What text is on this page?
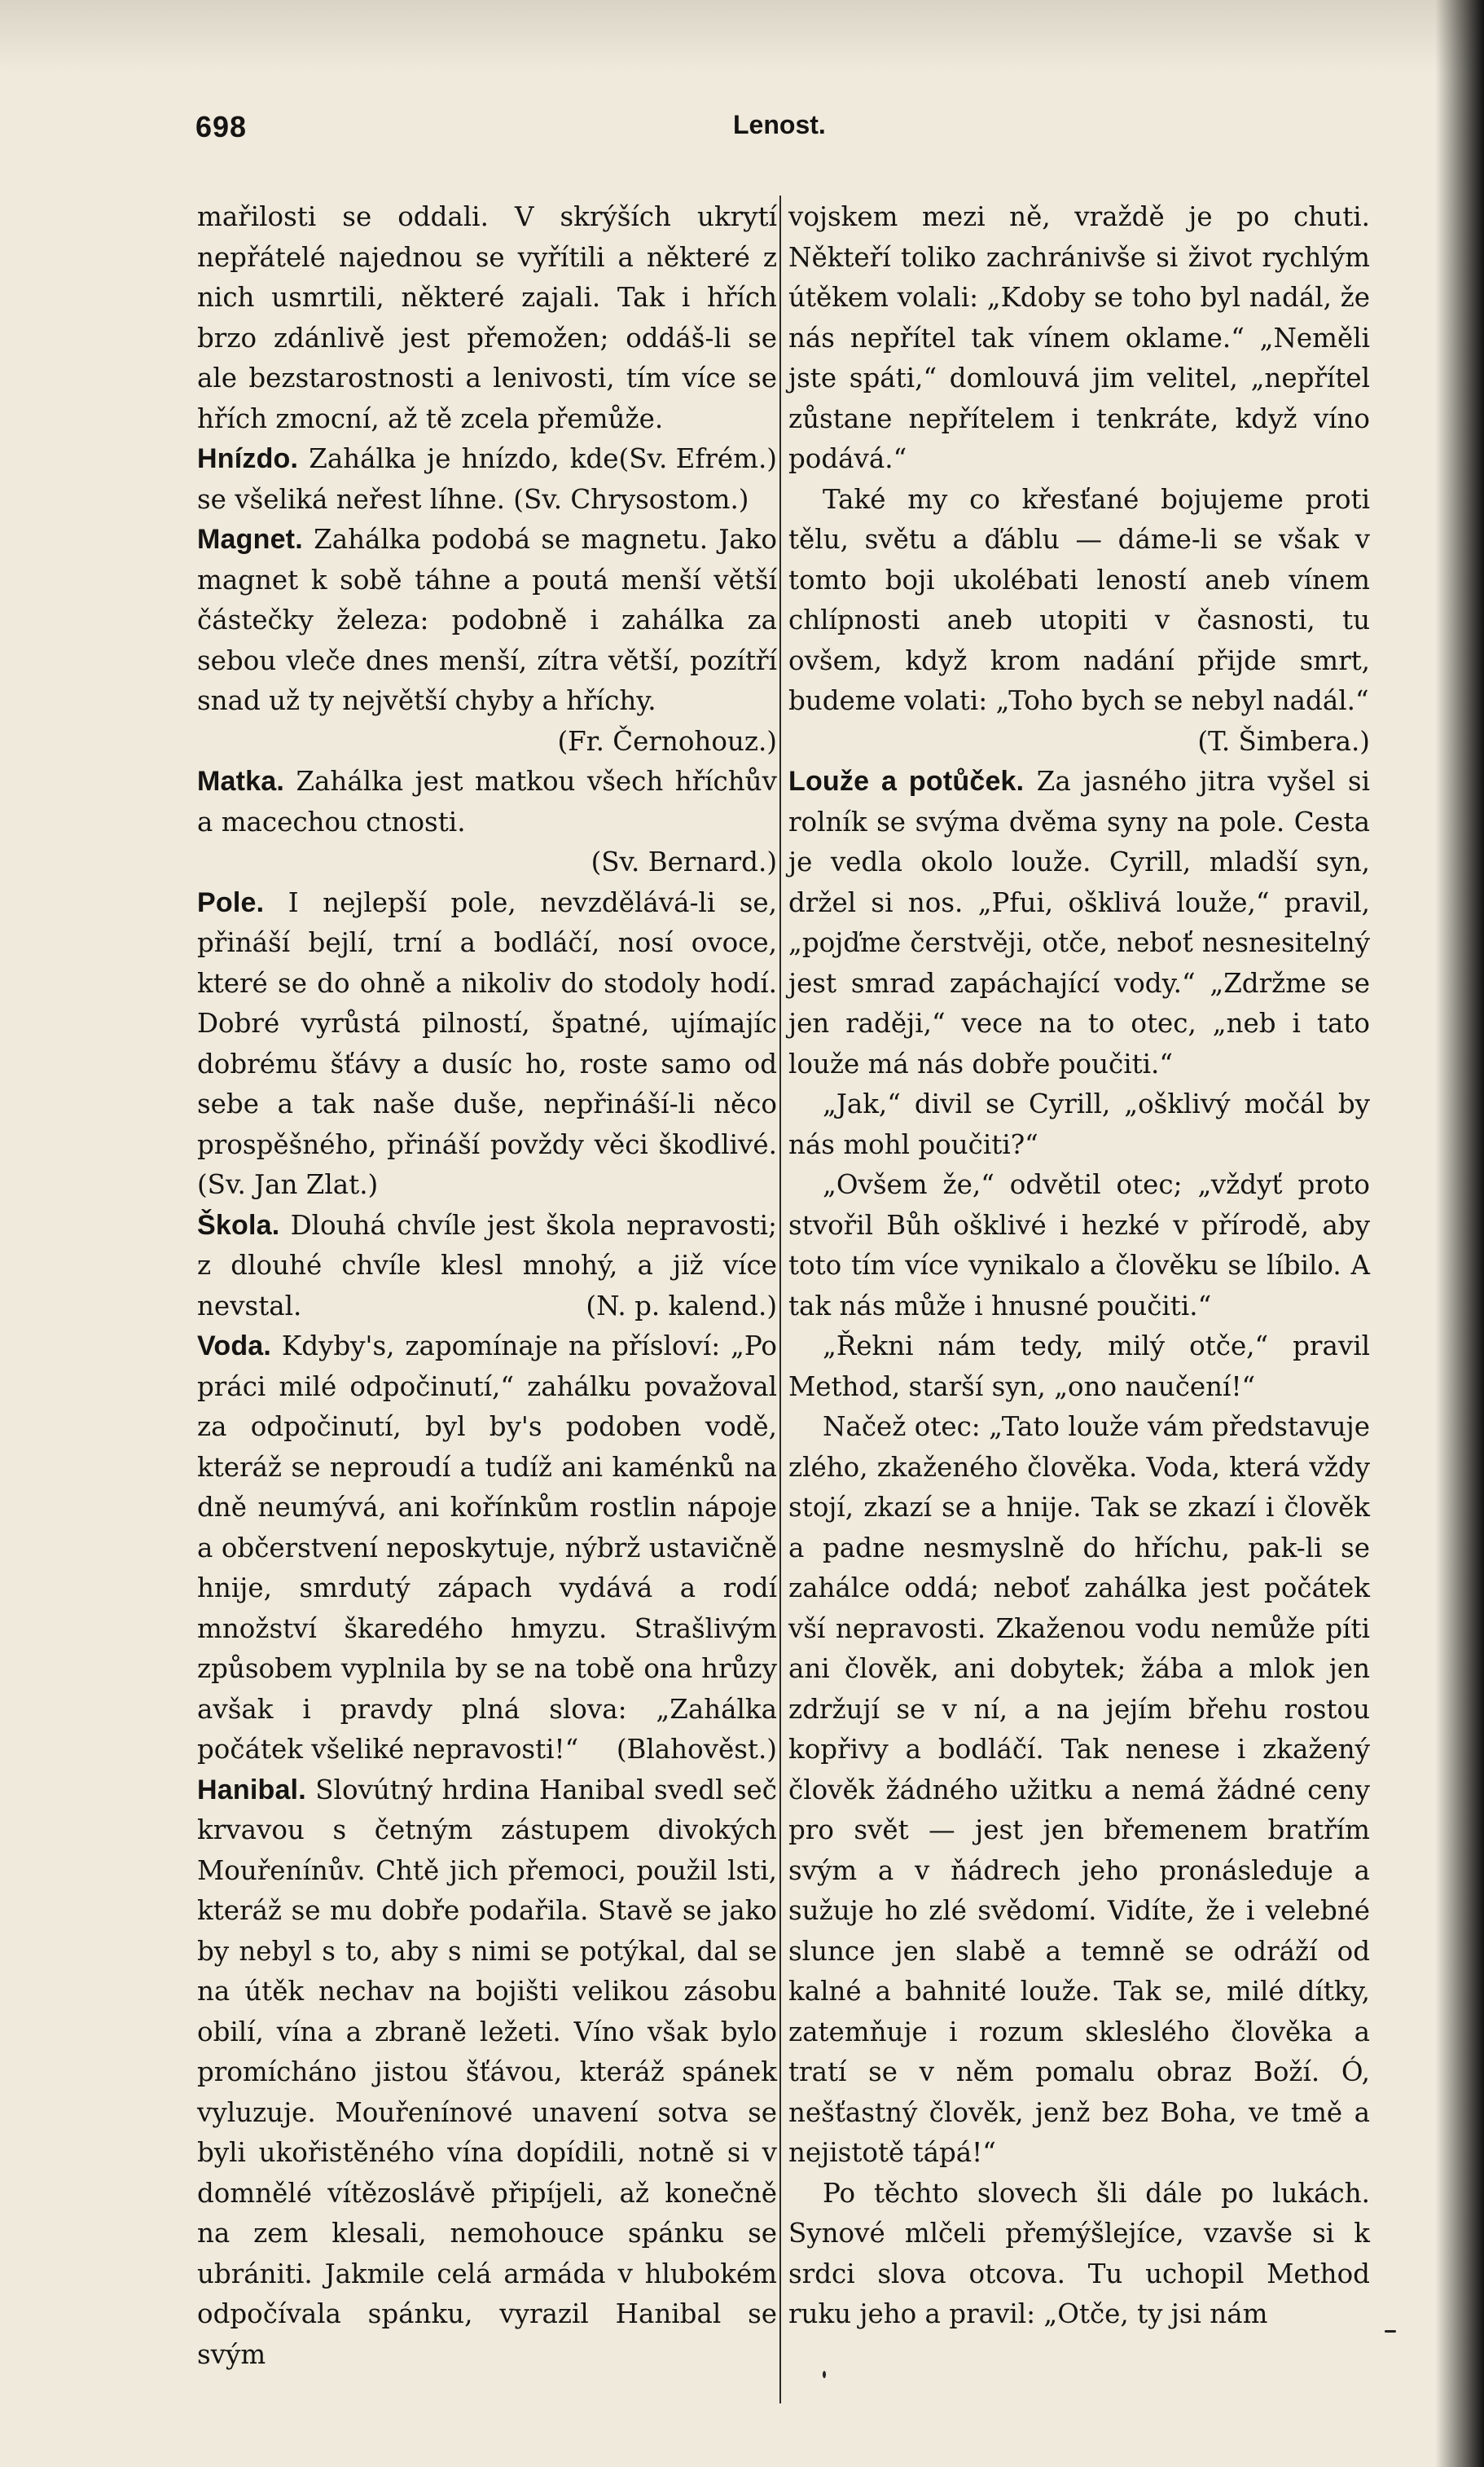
698	Lenost.

mařilosti se oddali. V skrýších ukrytí nepřátelé najednou se vyřítili a některé z nich usmrtili, některé zajali. Tak i hřích brzo zdánlivě jest přemožen; oddáš-li se ale bezstarostnosti a lenivosti, tím více se hřích zmocní, až tě zcela přemůže.
(Sv. Efrém.)

Hnízdo. Zahálka je hnízdo, kde se všeliká neřest líhne. (Sv. Chrysostom.)

Magnet. Zahálka podobá se magnetu. Jako magnet k sobě táhne a poutá menší větší částečky železa: podobně i zahálka za sebou vleče dnes menší, zítra větší, pozítří snad už ty největší chyby a hříchy.
(Fr. Černohouz.)

Matka. Zahálka jest matkou všech hříchův a macechou ctnosti.
(Sv. Bernard.)

Pole. I nejlepší pole, nevzdělává-li se, přináší bejlí, trní a bodláčí, nosí ovoce, které se do ohně a nikoliv do stodoly hodí. Dobré vyrůstá pilností, špatné, ujímajíc dobrému šťávy a dusíc ho, roste samo od sebe a tak naše duše, nepřináší-li něco prospěšného, přináší povždy věci škodlivé. (Sv. Jan Zlat.)

Škola. Dlouhá chvíle jest škola nepravosti; z dlouhé chvíle klesl mnohý, a již více nevstal.	(N. p. kalend.)

Voda. Kdyby's, zapomínaje na přísloví: „Po práci milé odpočinutí,“ zahálku považoval za odpočinutí, byl by's podoben vodě, kteráž se neproudí a tudíž ani kaménků na dně neumývá, ani kořínkům rostlin nápoje a občerstvení neposkytuje, nýbrž ustavičně hnije, smrdutý zápach vydává a rodí množství škaredého hmyzu. Strašlivým způsobem vyplnila by se na tobě ona hrůzy avšak i pravdy plná slova: „Zahálka počátek všeliké nepravosti!“ (Blahověst.)

Hanibal. Slovútný hrdina Hanibal svedl seč krvavou s četným zástupem divokých Mouřenínův. Chtě jich přemoci, použil lsti, kteráž se mu dobře podařila. Stavě se jako by nebyl s to, aby s nimi se potýkal, dal se na útěk nechav na bojišti velikou zásobu obilí, vína a zbraně ležeti. Víno však bylo promícháno jistou šťávou, kteráž spánek vyluzuje. Mouřenínové unavení sotva se byli ukořistěného vína dopídili, notně si v domnělé vítězoslávě připíjeli, až konečně na zem klesali, nemohouce spánku se ubrániti. Jakmile celá armáda v hlubokém odpočívala spánku, vyrazil Hanibal se svým

vojskem mezi ně, vraždě je po chuti. Někteří toliko zachránivše si život rychlým útěkem volali: „Kdoby se toho byl nadál, že nás nepřítel tak vínem oklame.“ „Neměli jste spáti,“ domlouvá jim velitel, „nepřítel zůstane nepřítelem i tenkráte, když víno podává.“

Také my co křesťané bojujeme proti tělu, světu a ďáblu — dáme-li se však v tomto boji ukolébati leností aneb vínem chlípnosti aneb utopiti v časnosti, tu ovšem, když krom nadání přijde smrt, budeme volati: „Toho bych se nebyl nadál.“
(T. Šimbera.)

Louže a potůček. Za jasného jitra vyšel si rolník se svýma dvěma syny na pole. Cesta je vedla okolo louže. Cyrill, mladší syn, držel si nos. „Pfui, ošklivá louže,“ pravil, „pojďme čerstvěji, otče, neboť nesnesitelný jest smrad zapáchající vody.“ „Zdržme se jen raději,“ vece na to otec, „neb i tato louže má nás dobře poučiti.“

„Jak,“ divil se Cyrill, „ošklivý močál by nás mohl poučiti?“

„Ovšem že,“ odvětil otec; „vždyť proto stvořil Bůh ošklivé i hezké v přírodě, aby toto tím více vynikalo a člověku se líbilo. A tak nás může i hnusné poučiti.“

„Řekni nám tedy, milý otče,“ pravil Method, starší syn, „ono naučení!“

Načež otec: „Tato louže vám představuje zlého, zkaženého člověka. Voda, která vždy stojí, zkazí se a hnije. Tak se zkazí i člověk a padne nesmyslně do hříchu, pak-li se zahálce oddá; neboť zahálka jest počátek vší nepravosti. Zkaženou vodu nemůže píti ani člověk, ani dobytek; žába a mlok jen zdržují se v ní, a na jejím břehu rostou kopřivy a bodláčí. Tak nenese i zkažený člověk žádného užitku a nemá žádné ceny pro svět — jest jen břemenem bratřím svým a v ňádrech jeho pronásleduje a sužuje ho zlé svědomí. Vidíte, že i velebné slunce jen slabě a temně se odráží od kalné a bahnité louže. Tak se, milé dítky, zatemňuje i rozum skleslého člověka a tratí se v něm pomalu obraz Boží. Ó, nešťastný člověk, jenž bez Boha, ve tmě a nejistotě tápá!“

Po těchto slovech šli dále po lukách. Synové mlčeli přemýšlejíce, vzavše si k srdci slova otcova. Tu uchopil Method ruku jeho a pravil: „Otče, ty jsi nám
